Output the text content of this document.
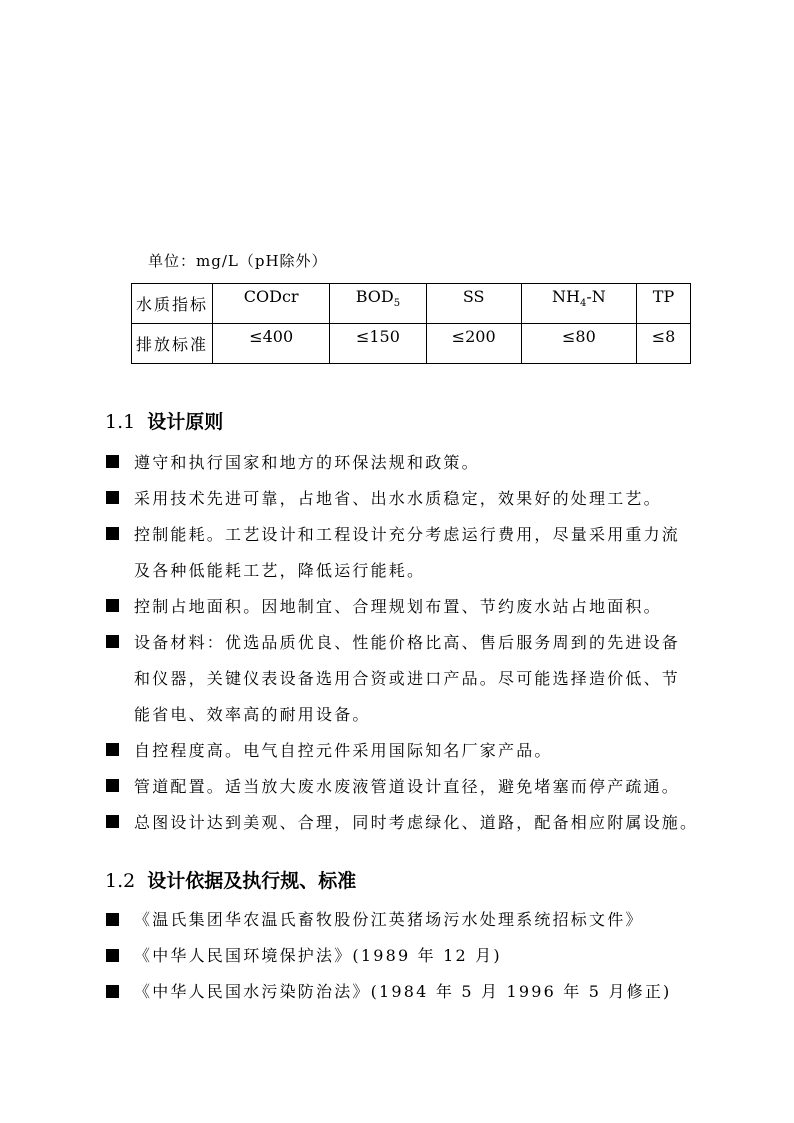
单位：mg/L（pH除外）
水质指标	CODcr	$BOD_5$	SS	$NH_4-N$	TP
排放标准	≤400	≤150	≤200	≤80	≤8
1.1 设计原则
遵守和执行国家和地方的环保法规和政策。
采用技术先进可靠，占地省、出水水质稳定，效果好的处理工艺。
控制能耗。工艺设计和工程设计充分考虑运行费用，尽量采用重力流
及各种低能耗工艺，降低运行能耗。
控制占地面积。因地制宜、合理规划布置、节约废水站占地面积。
设备材料：优选品质优良、性能价格比高、售后服务周到的先进设备
和仪器，关键仪表设备选用合资或进口产品。尽可能选择造价低、节
能省电、效率高的耐用设备。
自控程度高。电气自控元件采用国际知名厂家产品。
管道配置。适当放大废水废液管道设计直径，避免堵塞而停产疏通。
总图设计达到美观、合理，同时考虑绿化、道路，配备相应附属设施。
1.2 设计依据及执行规、标准
《温氏集团华农温氏畜牧股份江英猪场污水处理系统招标文件》
《中华人民国环境保护法》(1989 年 12 月)
《中华人民国水污染防治法》(1984 年 5 月 1996 年 5 月修正)
